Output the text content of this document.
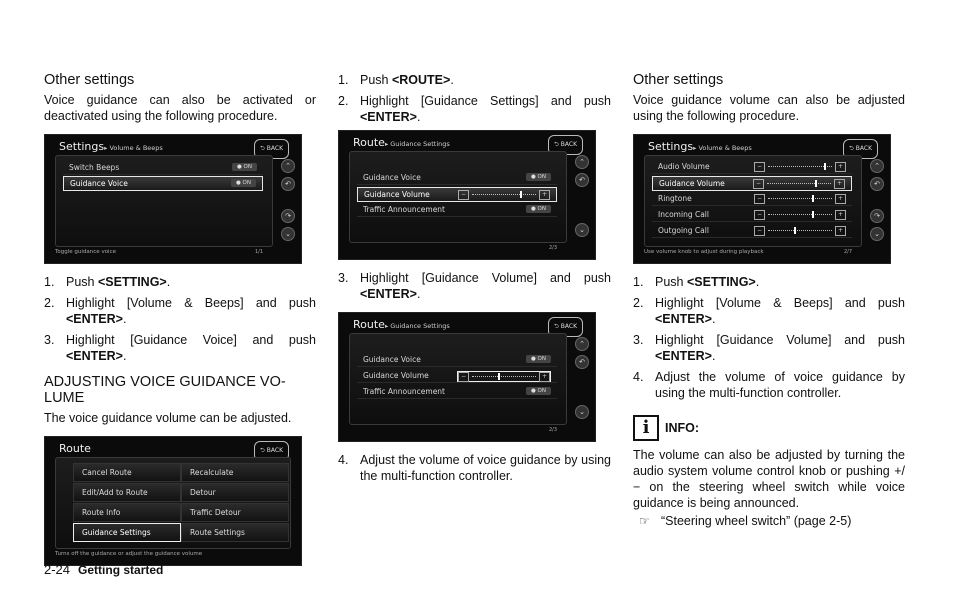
Other settings

Voice guidance can also be activated or deactivated using the following procedure.

Settings▸ Volume & Beeps	⮌ BACK
Switch Beeps	● ON
Guidance Voice	● ON
⌃
↶
↷
⌄
Toggle guidance voice	1/1
1. Push <SETTING>.
2. Highlight [Volume & Beeps] and push <ENTER>.
3. Highlight [Guidance Voice] and push <ENTER>.
ADJUSTING VOICE GUIDANCE VO-LUME

The voice guidance volume can be adjusted.

Route	⮌ BACK
Cancel Route	Recalculate
Edit/Add to Route	Detour
Route Info	Traffic Detour
Guidance Settings	Route Settings
Turns off the guidance or adjust the guidance volume
1. Push <ROUTE>.
2. Highlight [Guidance Settings] and push <ENTER>.
Route▸ Guidance Settings	⮌ BACK
Guidance Voice	● ON
Guidance Volume	−	+
Traffic Announcement	● ON
⌃
↶
⌄
2/3
3. Highlight [Guidance Volume] and push <ENTER>.
Route▸ Guidance Settings	⮌ BACK
Guidance Voice	● ON
Guidance Volume	−	+
Traffic Announcement	● ON
⌃
↶
⌄
2/3
4. Adjust the volume of voice guidance by using the multi-function controller.
Other settings

Voice guidance volume can also be adjusted using the following procedure.

Settings▸ Volume & Beeps	⮌ BACK
Audio Volume	−	+
Guidance Volume	−	+
Ringtone	−	+
Incoming Call	−	+
Outgoing Call	−	+
⌃
↶
↷
⌄
Use volume knob to adjust during playback	2/7
1. Push <SETTING>.
2. Highlight [Volume & Beeps] and push <ENTER>.
3. Highlight [Guidance Volume] and push <ENTER>.
4. Adjust the volume of voice guidance by using the multi-function controller.
i	INFO:

The volume can also be adjusted by turning the audio system volume control knob or pushing +/− on the steering wheel switch while voice guidance is being announced.

☞ “Steering wheel switch” (page 2-5)
2-24 Getting started
